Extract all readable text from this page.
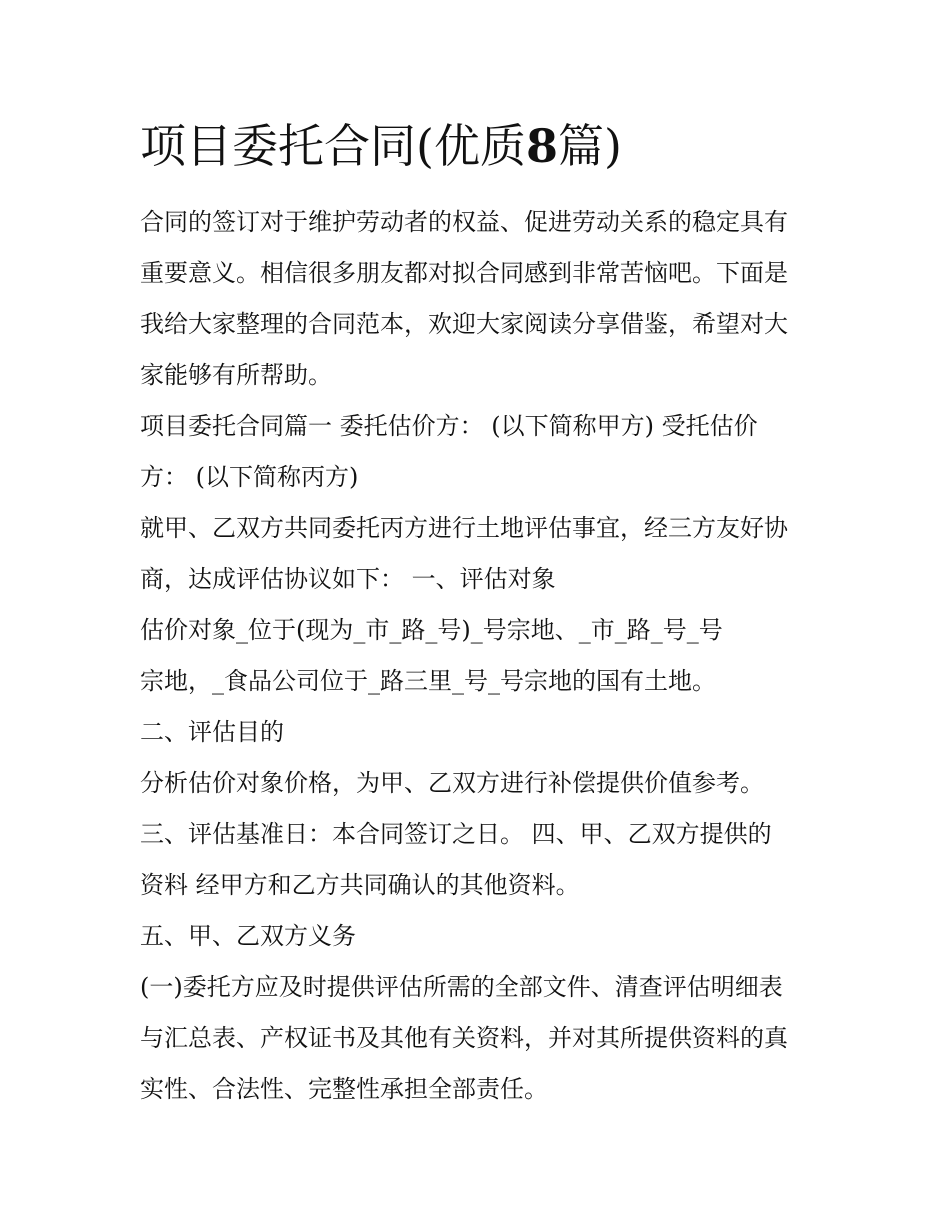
项目委托合同(优质8篇)

合同的签订对于维护劳动者的权益、促进劳动关系的稳定具有

重要意义。相信很多朋友都对拟合同感到非常苦恼吧。下面是

我给大家整理的合同范本，欢迎大家阅读分享借鉴，希望对大

家能够有所帮助。

项目委托合同篇一 委托估价方： (以下简称甲方) 受托估价

方： (以下简称丙方)

就甲、乙双方共同委托丙方进行土地评估事宜，经三方友好协

商，达成评估协议如下： 一、评估对象

估价对象_位于(现为_市_路_号)_号宗地、_市_路_号_号

宗地，_食品公司位于_路三里_号_号宗地的国有土地。

二、评估目的

分析估价对象价格，为甲、乙双方进行补偿提供价值参考。

三、评估基准日：本合同签订之日。 四、甲、乙双方提供的

资料 经甲方和乙方共同确认的其他资料。

五、甲、乙双方义务

(一)委托方应及时提供评估所需的全部文件、清查评估明细表

与汇总表、产权证书及其他有关资料，并对其所提供资料的真

实性、合法性、完整性承担全部责任。
